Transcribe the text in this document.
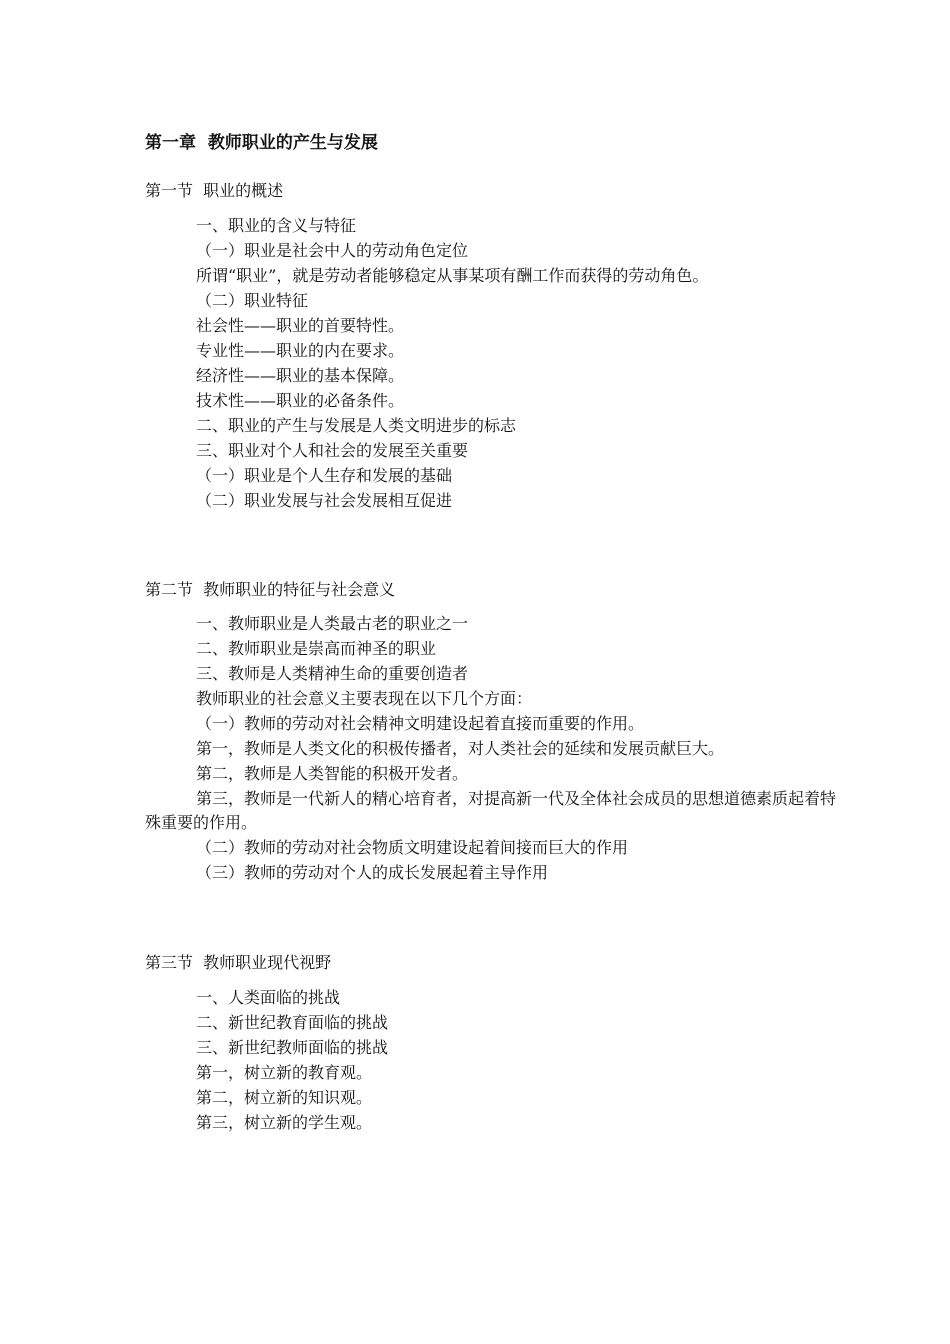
第一章  教师职业的产生与发展
第一节  职业的概述
一、职业的含义与特征
（一）职业是社会中人的劳动角色定位
所谓“职业”，就是劳动者能够稳定从事某项有酬工作而获得的劳动角色。
（二）职业特征
社会性——职业的首要特性。
专业性——职业的内在要求。
经济性——职业的基本保障。
技术性——职业的必备条件。
二、职业的产生与发展是人类文明进步的标志
三、职业对个人和社会的发展至关重要
（一）职业是个人生存和发展的基础
（二）职业发展与社会发展相互促进
第二节  教师职业的特征与社会意义
一、教师职业是人类最古老的职业之一
二、教师职业是崇高而神圣的职业
三、教师是人类精神生命的重要创造者
教师职业的社会意义主要表现在以下几个方面：
（一）教师的劳动对社会精神文明建设起着直接而重要的作用。
第一，教师是人类文化的积极传播者，对人类社会的延续和发展贡献巨大。
第二，教师是人类智能的积极开发者。
第三，教师是一代新人的精心培育者，对提高新一代及全体社会成员的思想道德素质起着特殊重要的作用。
（二）教师的劳动对社会物质文明建设起着间接而巨大的作用
（三）教师的劳动对个人的成长发展起着主导作用
第三节  教师职业现代视野
一、人类面临的挑战
二、新世纪教育面临的挑战
三、新世纪教师面临的挑战
第一，树立新的教育观。
第二，树立新的知识观。
第三，树立新的学生观。
